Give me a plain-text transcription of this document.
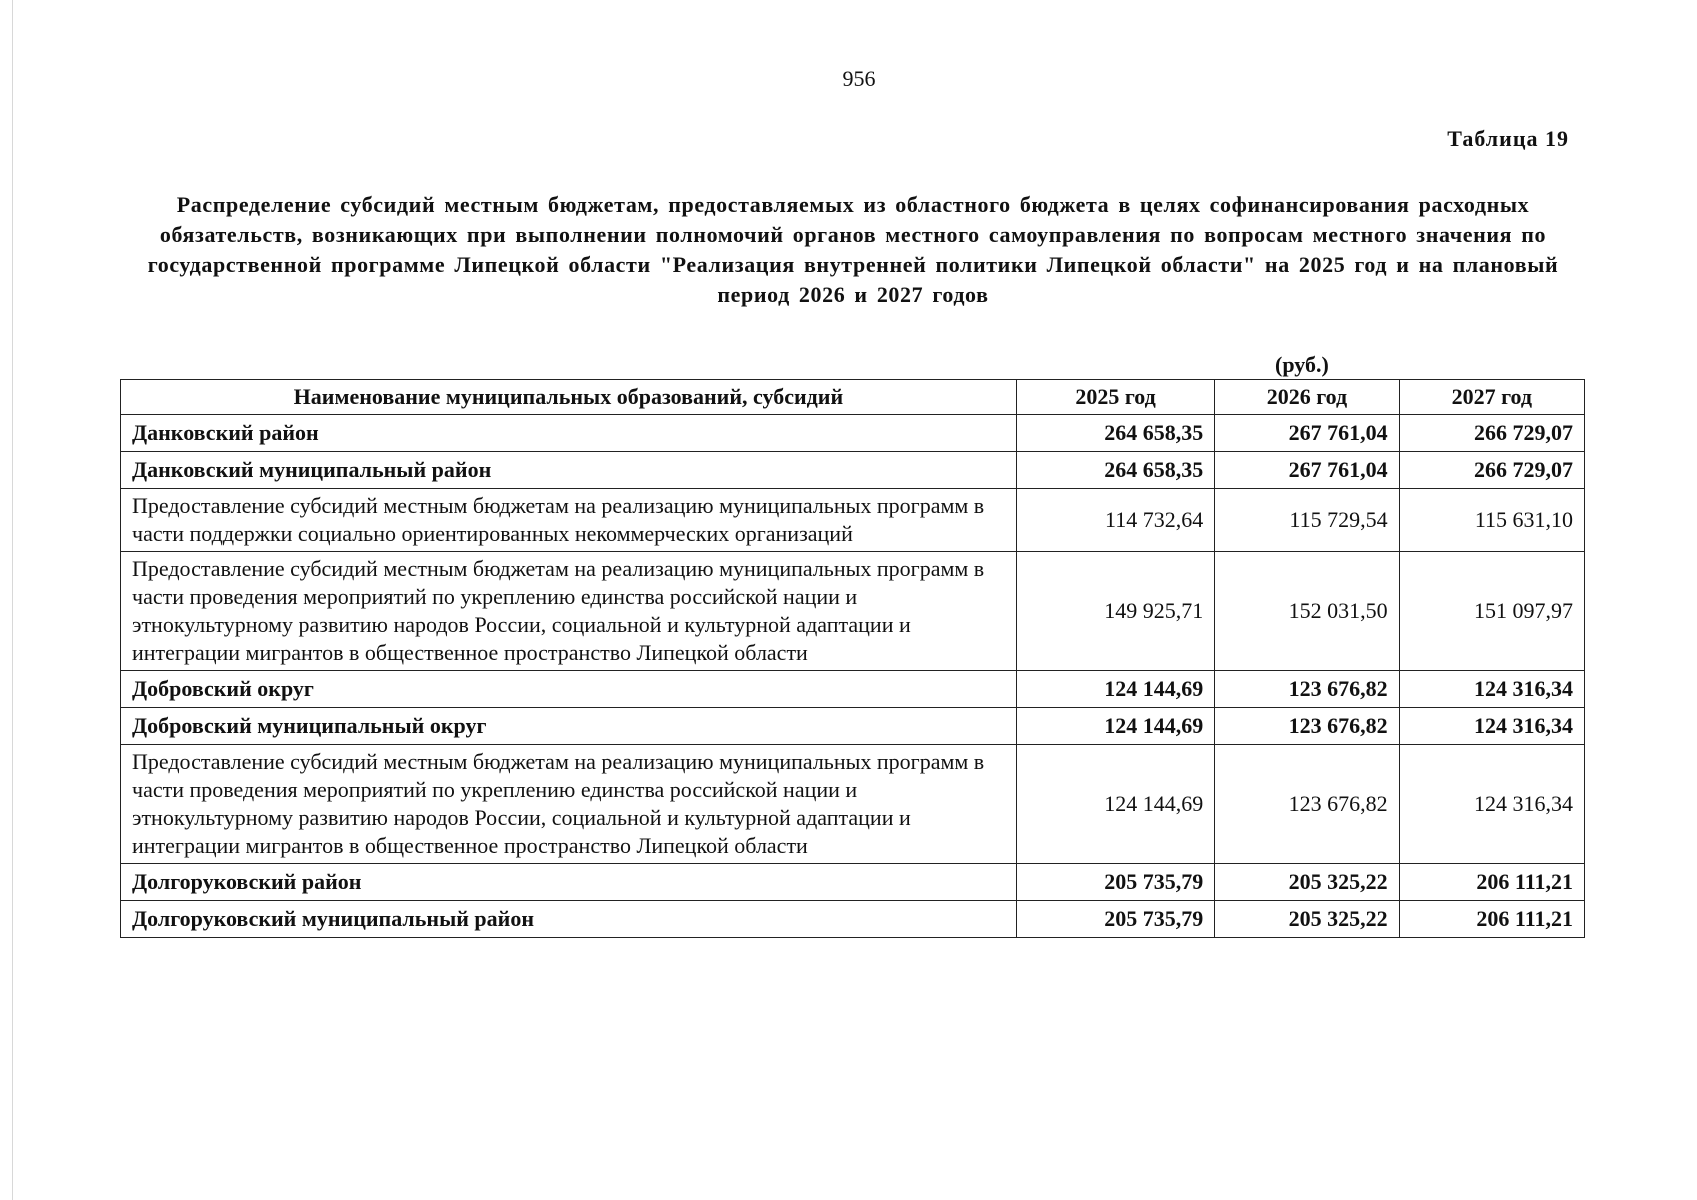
956
Таблица 19
Распределение субсидий местным бюджетам, предоставляемых из областного бюджета в целях софинансирования расходных обязательств, возникающих при выполнении полномочий органов местного самоуправления по вопросам местного значения по государственной программе Липецкой области "Реализация внутренней политики Липецкой области" на 2025 год и на плановый период 2026 и 2027 годов
(руб.)
Наименование муниципальных образований, субсидий	2025 год	2026 год	2027 год
Данковский район	264 658,35	267 761,04	266 729,07
Данковский муниципальный район	264 658,35	267 761,04	266 729,07
Предоставление субсидий местным бюджетам на реализацию муниципальных программ в части поддержки социально ориентированных некоммерческих организаций	114 732,64	115 729,54	115 631,10
Предоставление субсидий местным бюджетам на реализацию муниципальных программ в части проведения мероприятий по укреплению единства российской нации и этнокультурному развитию народов России, социальной и культурной адаптации и интеграции мигрантов в общественное пространство Липецкой области	149 925,71	152 031,50	151 097,97
Добровский округ	124 144,69	123 676,82	124 316,34
Добровский муниципальный округ	124 144,69	123 676,82	124 316,34
Предоставление субсидий местным бюджетам на реализацию муниципальных программ в части проведения мероприятий по укреплению единства российской нации и этнокультурному развитию народов России, социальной и культурной адаптации и интеграции мигрантов в общественное пространство Липецкой области	124 144,69	123 676,82	124 316,34
Долгоруковский район	205 735,79	205 325,22	206 111,21
Долгоруковский муниципальный район	205 735,79	205 325,22	206 111,21
